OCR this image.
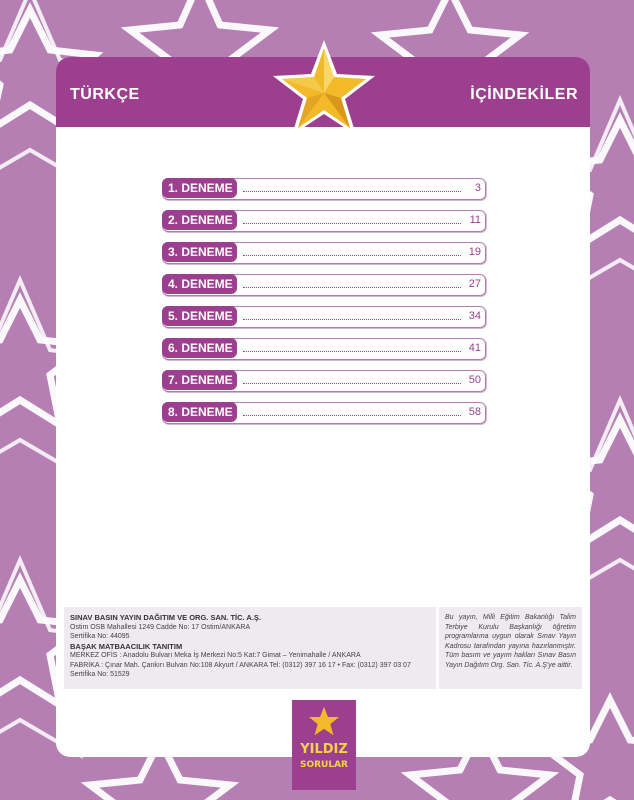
TÜRKÇE	İÇİNDEKİLER
1. DENEME	3
2. DENEME	11
3. DENEME	19
4. DENEME	27
5. DENEME	34
6. DENEME	41
7. DENEME	50
8. DENEME	58
SINAV BASIN YAYIN DAĞITIM VE ORG. SAN. TİC. A.Ş.
Ostim OSB Mahallesi 1249 Cadde No: 17 Ostim/ANKARA
Sertifika No: 44095
BAŞAK MATBAACILIK TANITIM
MERKEZ OFİS : Anadolu Bulvarı Meka İş Merkezi No:5 Kat:7 Gimat – Yenimahalle / ANKARA
FABRİKA : Çınar Mah. Çankırı Bulvarı No:108 Akyurt / ANKARA Tel: (0312) 397 16 17 • Fax: (0312) 397 03 07
Sertifika No: 51529
Bu yayın, Milli Eğitim Bakanlığı Talim Terbiye Kurulu Başkanlığı öğretim programlarına uygun olarak Sınav Yayın Kadrosu tarafından yayına hazırlanmıştır. Tüm basım ve yayım hakları Sınav Basın Yayın Dağıtım Org. San. Tic. A.Ş'ye aittir.
YILDIZ
SORULAR
